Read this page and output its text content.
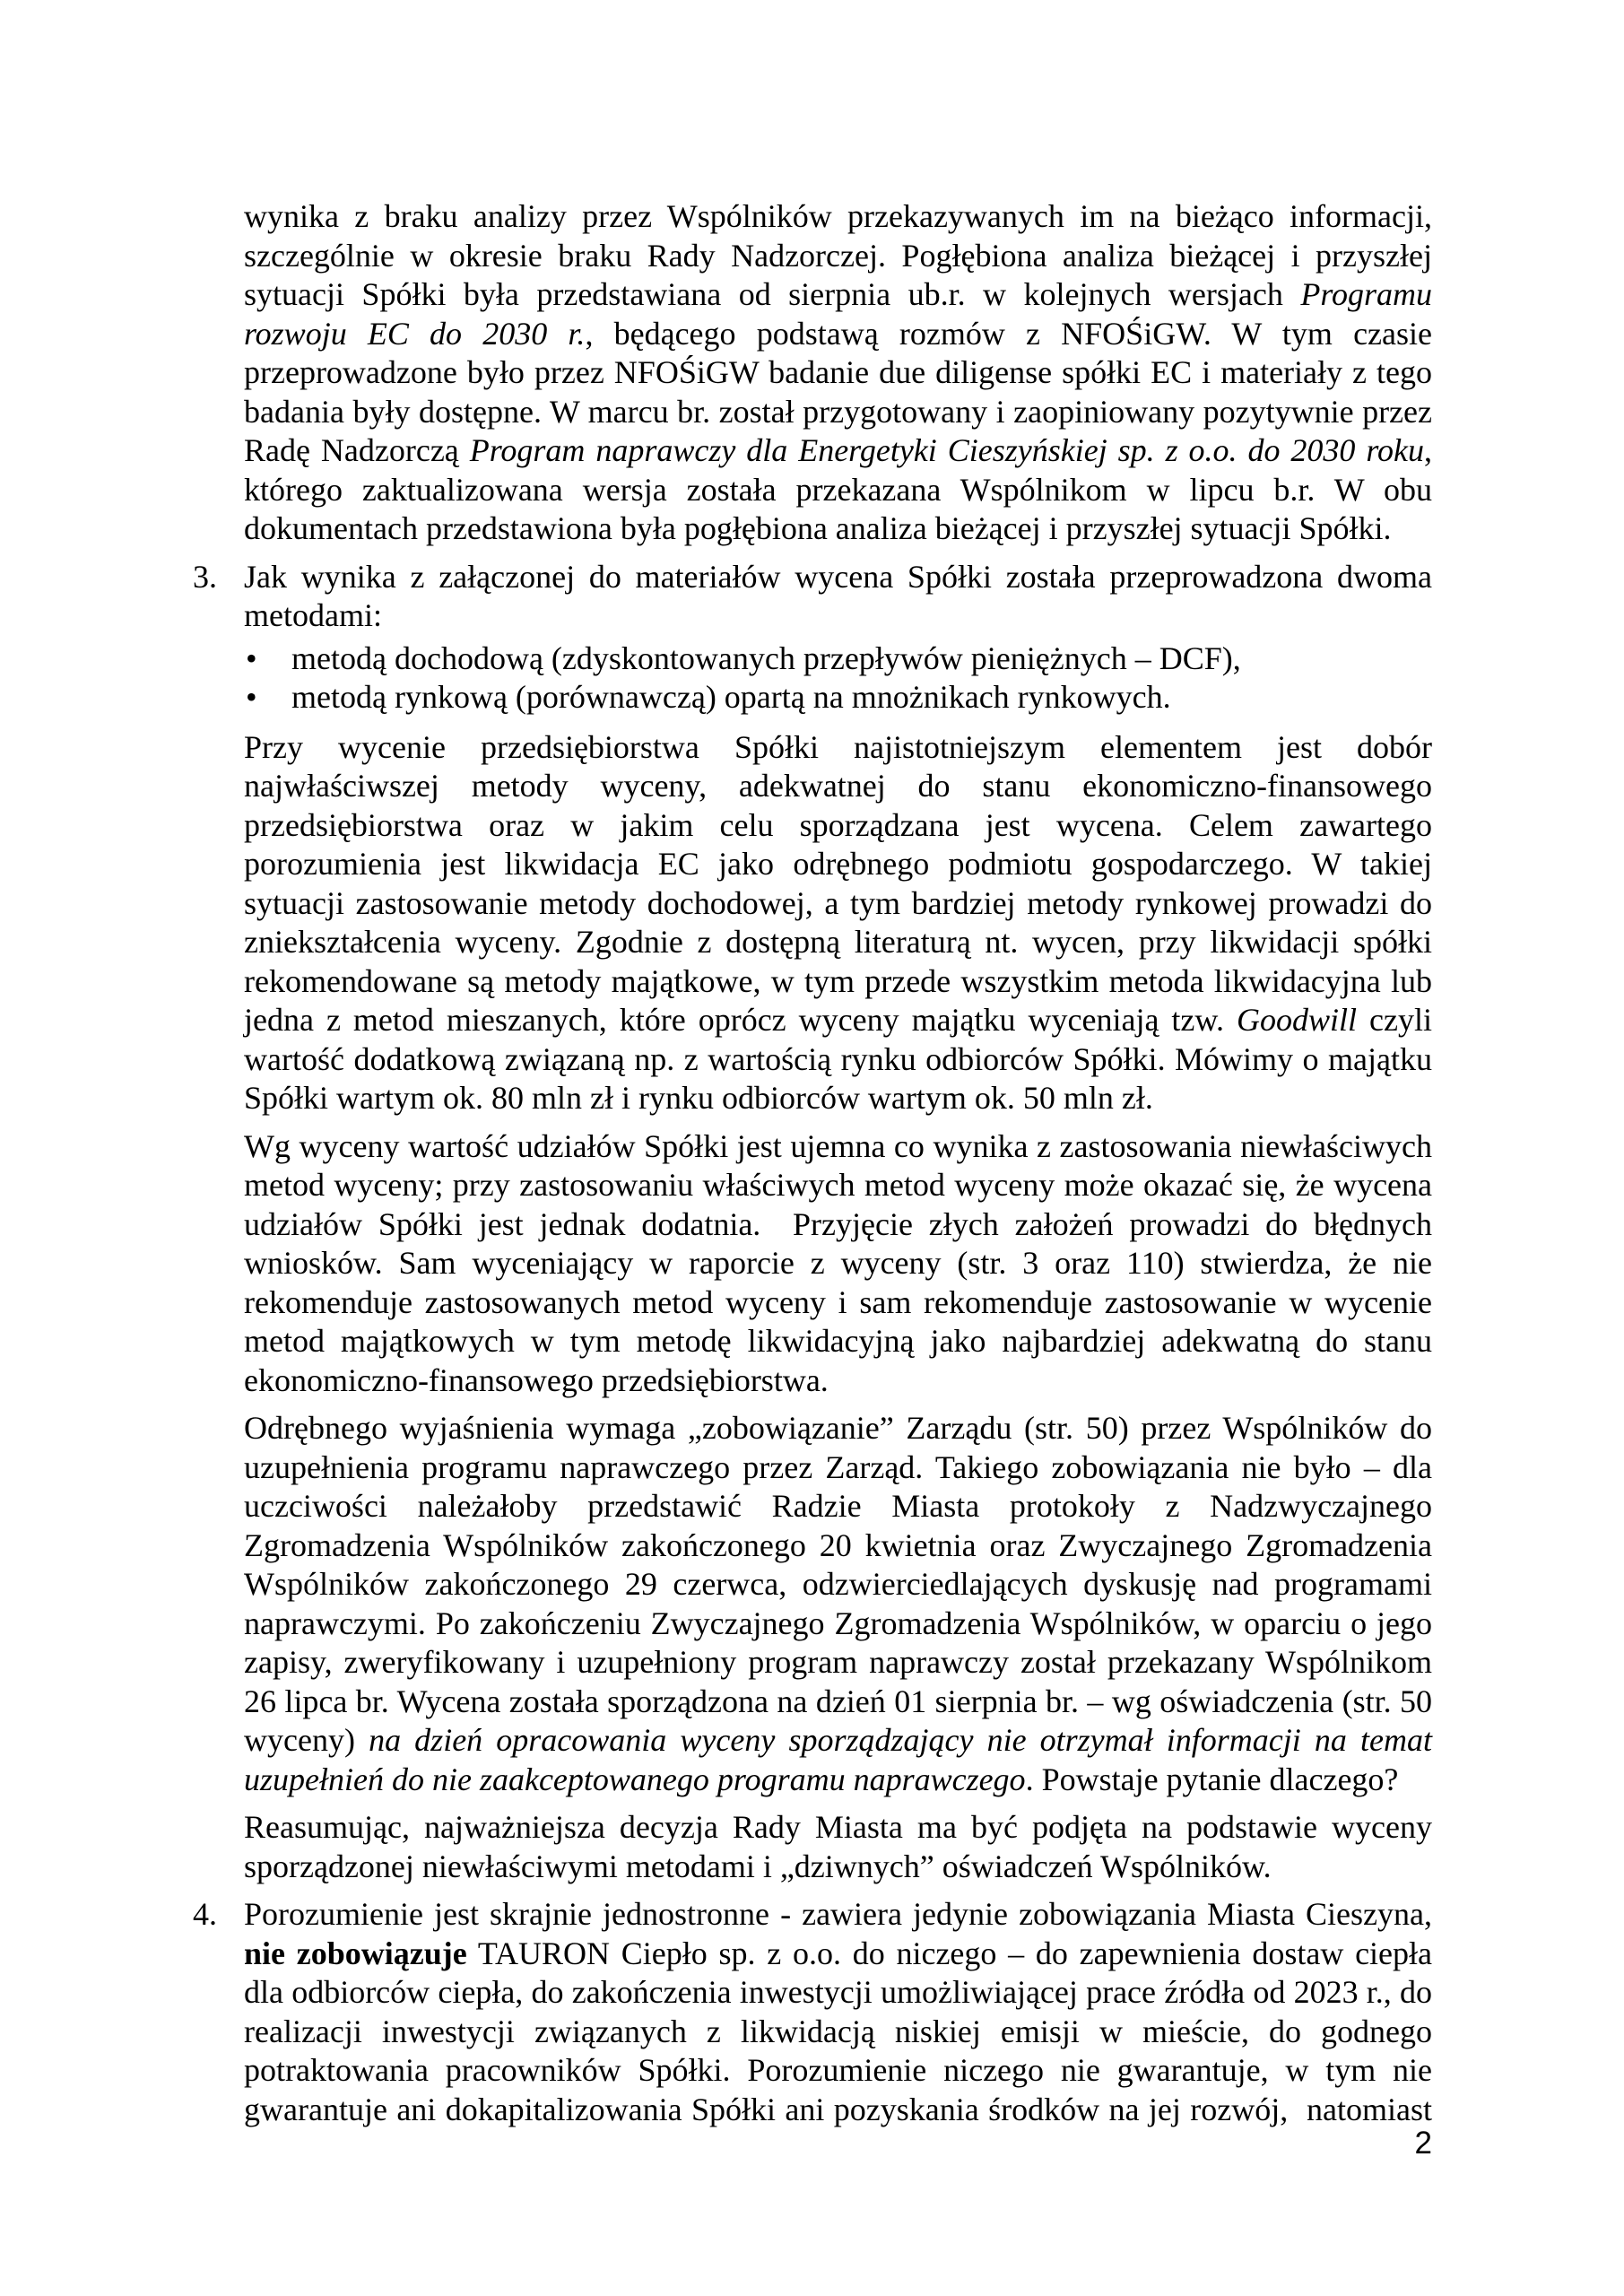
wynika z braku analizy przez Wspólników przekazywanych im na bieżąco informacji, szczególnie w okresie braku Rady Nadzorczej. Pogłębiona analiza bieżącej i przyszłej sytuacji Spółki była przedstawiana od sierpnia ub.r. w kolejnych wersjach Programu rozwoju EC do 2030 r., będącego podstawą rozmów z NFOŚiGW. W tym czasie przeprowadzone było przez NFOŚiGW badanie due diligense spółki EC i materiały z tego badania były dostępne. W marcu br. został przygotowany i zaopiniowany pozytywnie przez Radę Nadzorczą Program naprawczy dla Energetyki Cieszyńskiej sp. z o.o. do 2030 roku, którego zaktualizowana wersja została przekazana Wspólnikom w lipcu b.r. W obu dokumentach przedstawiona była pogłębiona analiza bieżącej i przyszłej sytuacji Spółki.

3. Jak wynika z załączonej do materiałów wycena Spółki została przeprowadzona dwoma metodami:

• metodą dochodową (zdyskontowanych przepływów pieniężnych – DCF),
• metodą rynkową (porównawczą) opartą na mnożnikach rynkowych.

Przy wycenie przedsiębiorstwa Spółki najistotniejszym elementem jest dobór najwłaściwszej metody wyceny, adekwatnej do stanu ekonomiczno-finansowego przedsiębiorstwa oraz w jakim celu sporządzana jest wycena. Celem zawartego porozumienia jest likwidacja EC jako odrębnego podmiotu gospodarczego. W takiej sytuacji zastosowanie metody dochodowej, a tym bardziej metody rynkowej prowadzi do zniekształcenia wyceny. Zgodnie z dostępną literaturą nt. wycen, przy likwidacji spółki rekomendowane są metody majątkowe, w tym przede wszystkim metoda likwidacyjna lub jedna z metod mieszanych, które oprócz wyceny majątku wyceniają tzw. Goodwill czyli wartość dodatkową związaną np. z wartością rynku odbiorców Spółki. Mówimy o majątku Spółki wartym ok. 80 mln zł i rynku odbiorców wartym ok. 50 mln zł.

Wg wyceny wartość udziałów Spółki jest ujemna co wynika z zastosowania niewłaściwych metod wyceny; przy zastosowaniu właściwych metod wyceny może okazać się, że wycena udziałów Spółki jest jednak dodatnia.  Przyjęcie złych założeń prowadzi do błędnych wniosków. Sam wyceniający w raporcie z wyceny (str. 3 oraz 110) stwierdza, że nie rekomenduje zastosowanych metod wyceny i sam rekomenduje zastosowanie w wycenie metod majątkowych w tym metodę likwidacyjną jako najbardziej adekwatną do stanu ekonomiczno-finansowego przedsiębiorstwa.

Odrębnego wyjaśnienia wymaga „zobowiązanie” Zarządu (str. 50) przez Wspólników do uzupełnienia programu naprawczego przez Zarząd. Takiego zobowiązania nie było – dla uczciwości należałoby przedstawić Radzie Miasta protokoły z Nadzwyczajnego Zgromadzenia Wspólników zakończonego 20 kwietnia oraz Zwyczajnego Zgromadzenia Wspólników zakończonego 29 czerwca, odzwierciedlających dyskusję nad programami naprawczymi. Po zakończeniu Zwyczajnego Zgromadzenia Wspólników, w oparciu o jego zapisy, zweryfikowany i uzupełniony program naprawczy został przekazany Wspólnikom 26 lipca br. Wycena została sporządzona na dzień 01 sierpnia br. – wg oświadczenia (str. 50 wyceny) na dzień opracowania wyceny sporządzający nie otrzymał informacji na temat uzupełnień do nie zaakceptowanego programu naprawczego. Powstaje pytanie dlaczego?

Reasumując, najważniejsza decyzja Rady Miasta ma być podjęta na podstawie wyceny sporządzonej niewłaściwymi metodami i „dziwnych” oświadczeń Wspólników.

4. Porozumienie jest skrajnie jednostronne - zawiera jedynie zobowiązania Miasta Cieszyna, nie zobowiązuje TAURON Ciepło sp. z o.o. do niczego – do zapewnienia dostaw ciepła dla odbiorców ciepła, do zakończenia inwestycji umożliwiającej prace źródła od 2023 r., do realizacji inwestycji związanych z likwidacją niskiej emisji w mieście, do godnego potraktowania pracowników Spółki. Porozumienie niczego nie gwarantuje, w tym nie gwarantuje ani dokapitalizowania Spółki ani pozyskania środków na jej rozwój,  natomiast

2
